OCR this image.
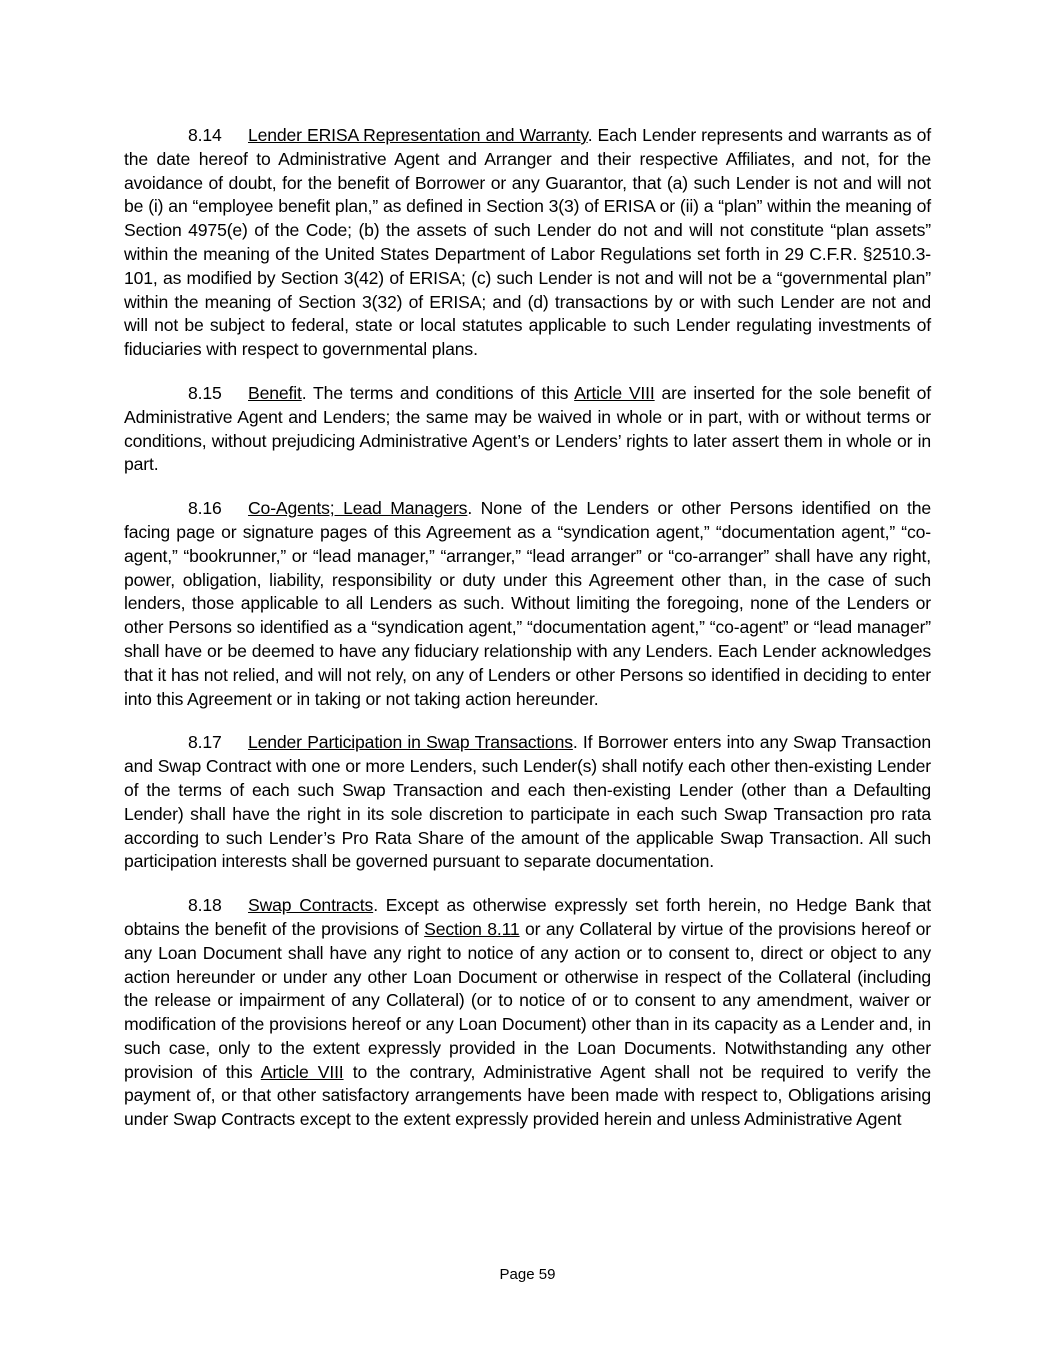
8.14 Lender ERISA Representation and Warranty. Each Lender represents and warrants as of the date hereof to Administrative Agent and Arranger and their respective Affiliates, and not, for the avoidance of doubt, for the benefit of Borrower or any Guarantor, that (a) such Lender is not and will not be (i) an “employee benefit plan,” as defined in Section 3(3) of ERISA or (ii) a “plan” within the meaning of Section 4975(e) of the Code; (b) the assets of such Lender do not and will not constitute “plan assets” within the meaning of the United States Department of Labor Regulations set forth in 29 C.F.R. §2510.3-101, as modified by Section 3(42) of ERISA; (c) such Lender is not and will not be a “governmental plan” within the meaning of Section 3(32) of ERISA; and (d) transactions by or with such Lender are not and will not be subject to federal, state or local statutes applicable to such Lender regulating investments of fiduciaries with respect to governmental plans.

8.15 Benefit. The terms and conditions of this Article VIII are inserted for the sole benefit of Administrative Agent and Lenders; the same may be waived in whole or in part, with or without terms or conditions, without prejudicing Administrative Agent’s or Lenders’ rights to later assert them in whole or in part.

8.16 Co-Agents; Lead Managers. None of the Lenders or other Persons identified on the facing page or signature pages of this Agreement as a “syndication agent,” “documentation agent,” “co-agent,” “bookrunner,” or “lead manager,” “arranger,” “lead arranger” or “co-arranger” shall have any right, power, obligation, liability, responsibility or duty under this Agreement other than, in the case of such lenders, those applicable to all Lenders as such. Without limiting the foregoing, none of the Lenders or other Persons so identified as a “syndication agent,” “documentation agent,” “co-agent” or “lead manager” shall have or be deemed to have any fiduciary relationship with any Lenders. Each Lender acknowledges that it has not relied, and will not rely, on any of Lenders or other Persons so identified in deciding to enter into this Agreement or in taking or not taking action hereunder.

8.17 Lender Participation in Swap Transactions. If Borrower enters into any Swap Transaction and Swap Contract with one or more Lenders, such Lender(s) shall notify each other then-existing Lender of the terms of each such Swap Transaction and each then-existing Lender (other than a Defaulting Lender) shall have the right in its sole discretion to participate in each such Swap Transaction pro rata according to such Lender’s Pro Rata Share of the amount of the applicable Swap Transaction. All such participation interests shall be governed pursuant to separate documentation.

8.18 Swap Contracts. Except as otherwise expressly set forth herein, no Hedge Bank that obtains the benefit of the provisions of Section 8.11 or any Collateral by virtue of the provisions hereof or any Loan Document shall have any right to notice of any action or to consent to, direct or object to any action hereunder or under any other Loan Document or otherwise in respect of the Collateral (including the release or impairment of any Collateral) (or to notice of or to consent to any amendment, waiver or modification of the provisions hereof or any Loan Document) other than in its capacity as a Lender and, in such case, only to the extent expressly provided in the Loan Documents. Notwithstanding any other provision of this Article VIII to the contrary, Administrative Agent shall not be required to verify the payment of, or that other satisfactory arrangements have been made with respect to, Obligations arising under Swap Contracts except to the extent expressly provided herein and unless Administrative Agent

Page 59
